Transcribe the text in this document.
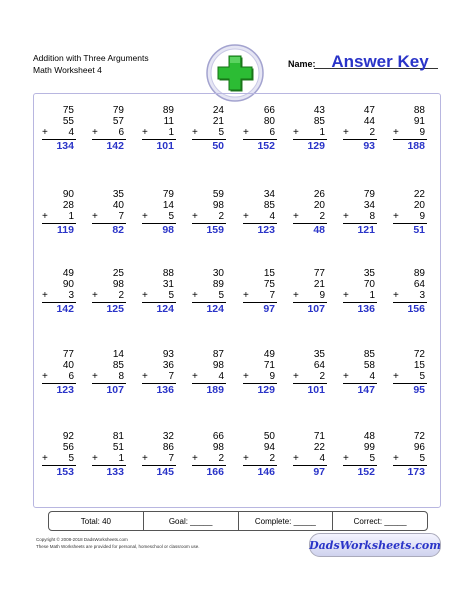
Addition with Three Arguments
Math Worksheet 4
Name: Answer Key
75
55
+ 4
134
79
57
+ 6
142
89
11
+ 1
101
24
21
+ 5
50
66
80
+ 6
152
43
85
+ 1
129
47
44
+ 2
93
88
91
+ 9
188
90
28
+ 1
119
35
40
+ 7
82
79
14
+ 5
98
59
98
+ 2
159
34
85
+ 4
123
26
20
+ 2
48
79
34
+ 8
121
22
20
+ 9
51
49
90
+ 3
142
25
98
+ 2
125
88
31
+ 5
124
30
89
+ 5
124
15
75
+ 7
97
77
21
+ 9
107
35
70
+ 1
136
89
64
+ 3
156
77
40
+ 6
123
14
85
+ 8
107
93
36
+ 7
136
87
98
+ 4
189
49
71
+ 9
129
35
64
+ 2
101
85
58
+ 4
147
72
15
+ 5
95
92
56
+ 5
153
81
51
+ 1
133
32
86
+ 7
145
66
98
+ 2
166
50
94
+ 2
146
71
22
+ 4
97
48
99
+ 5
152
72
96
+ 5
173
Total: 40	Goal: _____	Complete: _____	Correct: _____
Copyright © 2008-2018 DadsWorksheets.com
These Math Worksheets are provided for personal, homeschool or classroom use.	DadsWorksheets.com
